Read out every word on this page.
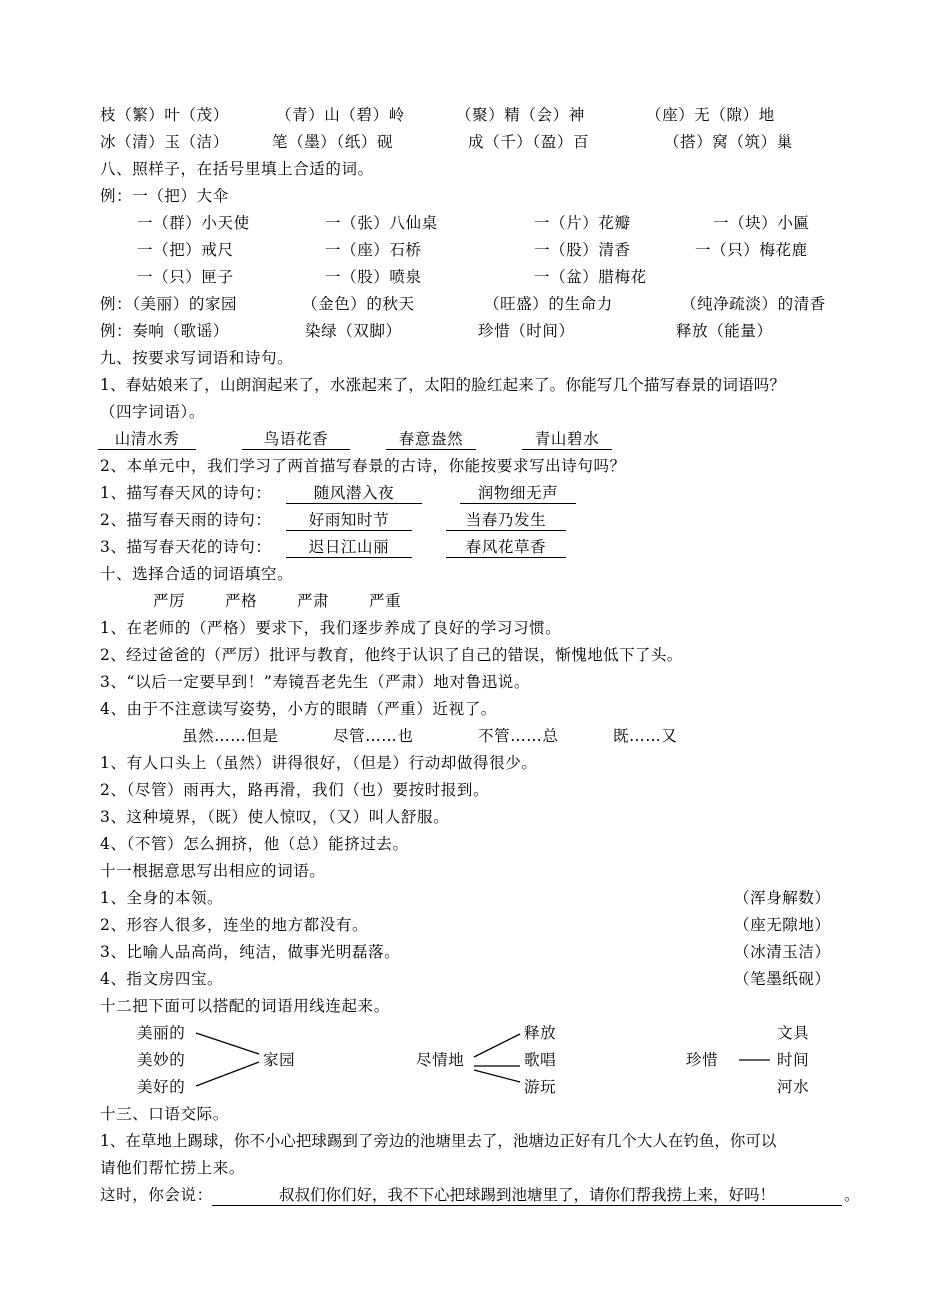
枝（繁）叶（茂）	（青）山（碧）岭	（聚）精（会）神	（座）无（隙）地
冰（清）玉（洁）	笔（墨）（纸）砚	成（千）（盈）百	（搭）窝（筑）巢
八、照样子，在括号里填上合适的词。
例：一（把）大伞
一（群）小天使	一（张）八仙桌	一（片）花瓣	一（块）小匾
一（把）戒尺	一（座）石桥	一（股）清香	一（只）梅花鹿
一（只）匣子	一（股）喷泉	一（盆）腊梅花
例：（美丽）的家园	（金色）的秋天	（旺盛）的生命力	（纯净疏淡）的清香
例：奏响（歌谣）	染绿（双脚）	珍惜（时间）	释放（能量）
九、按要求写词语和诗句。
1、春姑娘来了，山朗润起来了，水涨起来了，太阳的脸红起来了。你能写几个描写春景的词语吗？
（四字词语）。
山清水秀	鸟语花香	春意盎然	青山碧水
2、本单元中，我们学习了两首描写春景的古诗，你能按要求写出诗句吗？
1、描写春天风的诗句：	随风潜入夜	润物细无声
2、描写春天雨的诗句：	好雨知时节	当春乃发生
3、描写春天花的诗句：	迟日江山丽	春风花草香
十、选择合适的词语填空。
严厉	严格	严肃	严重
1、在老师的（严格）要求下，我们逐步养成了良好的学习习惯。
2、经过爸爸的（严厉）批评与教育，他终于认识了自己的错误，惭愧地低下了头。
3、“以后一定要早到！”寿镜吾老先生（严肃）地对鲁迅说。
4、由于不注意读写姿势，小方的眼睛（严重）近视了。
虽然……但是	尽管……也	不管……总	既……又
1、有人口头上（虽然）讲得很好，（但是）行动却做得很少。
2、（尽管）雨再大，路再滑，我们（也）要按时报到。
3、这种境界，（既）使人惊叹，（又）叫人舒服。
4、（不管）怎么拥挤，他（总）能挤过去。
十一根据意思写出相应的词语。
1、全身的本领。	（浑身解数）
2、形容人很多，连坐的地方都没有。	（座无隙地）
3、比喻人品高尚，纯洁，做事光明磊落。	（冰清玉洁）
4、指文房四宝。	（笔墨纸砚）
十二把下面可以搭配的词语用线连起来。
美丽的
美妙的
美好的
家园	尽情地
释放
歌唱
游玩
珍惜
文具
时间
河水
十三、口语交际。
1、在草地上踢球，你不小心把球踢到了旁边的池塘里去了，池塘边正好有几个大人在钓鱼，你可以
请他们帮忙捞上来。
这时，你会说：	叔叔们你们好，我不下心把球踢到池塘里了，请你们帮我捞上来，好吗！	。
